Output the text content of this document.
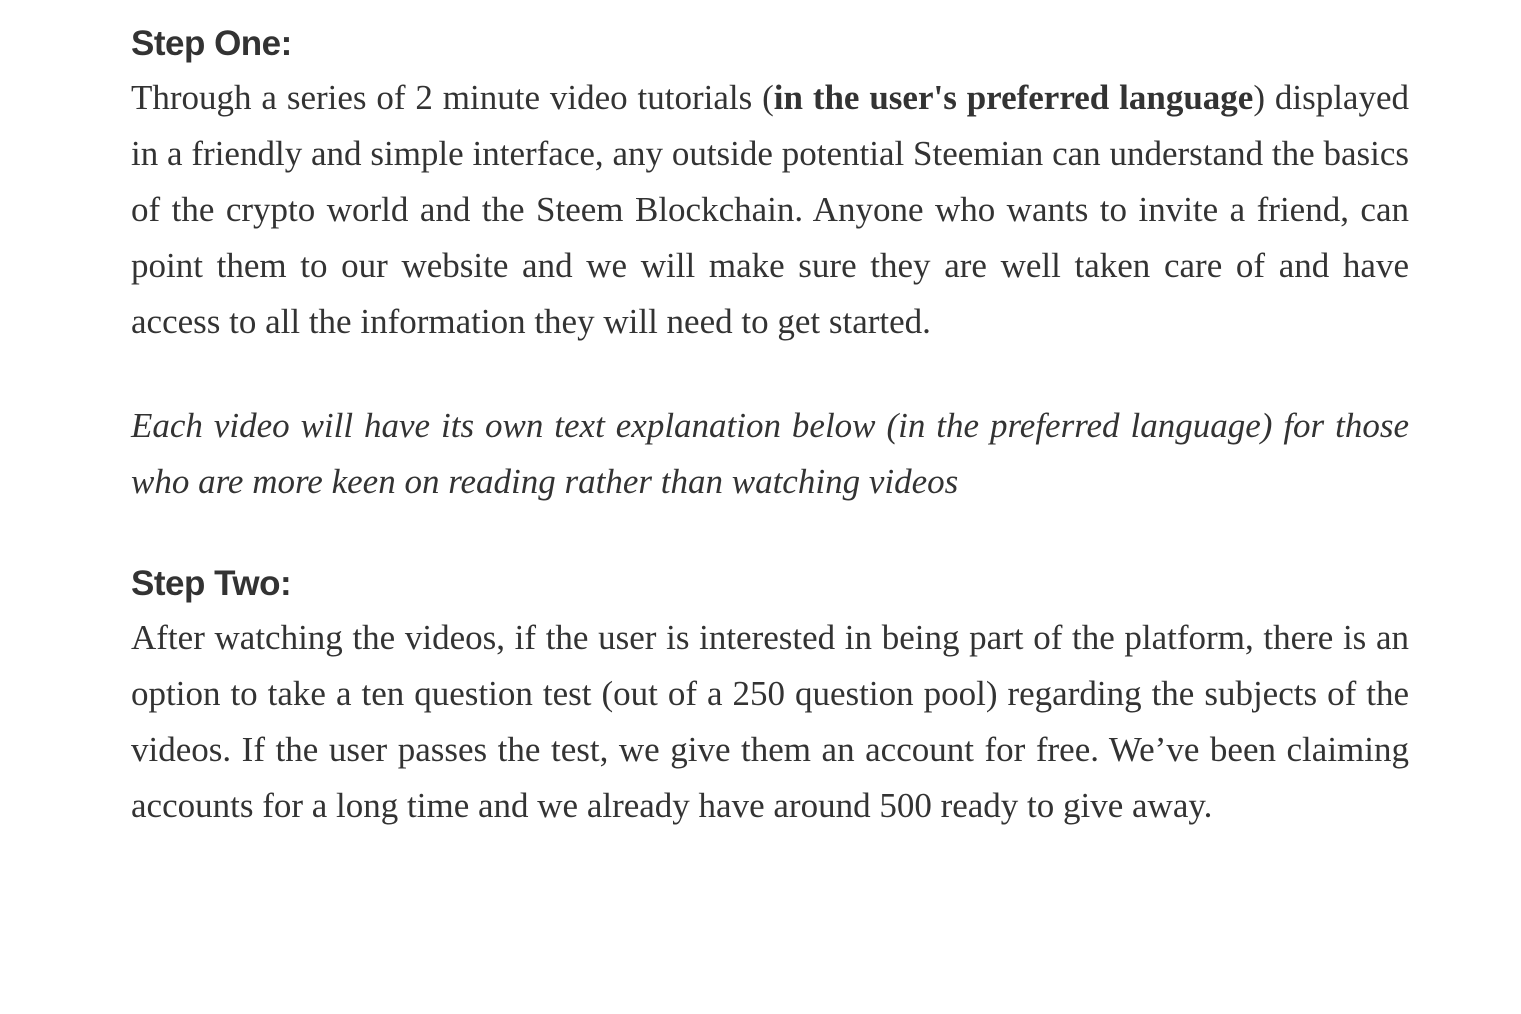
Step One:

Through a series of 2 minute video tutorials (in the user's preferred language) displayed in a friendly and simple interface, any outside potential Steemian can understand the basics of the crypto world and the Steem Blockchain. Anyone who wants to invite a friend, can point them to our website and we will make sure they are well taken care of and have access to all the information they will need to get started.

Each video will have its own text explanation below (in the preferred language) for those who are more keen on reading rather than watching videos

Step Two:

After watching the videos, if the user is interested in being part of the platform, there is an option to take a ten question test (out of a 250 question pool) regarding the subjects of the videos. If the user passes the test, we give them an account for free. We’ve been claiming accounts for a long time and we already have around 500 ready to give away.
